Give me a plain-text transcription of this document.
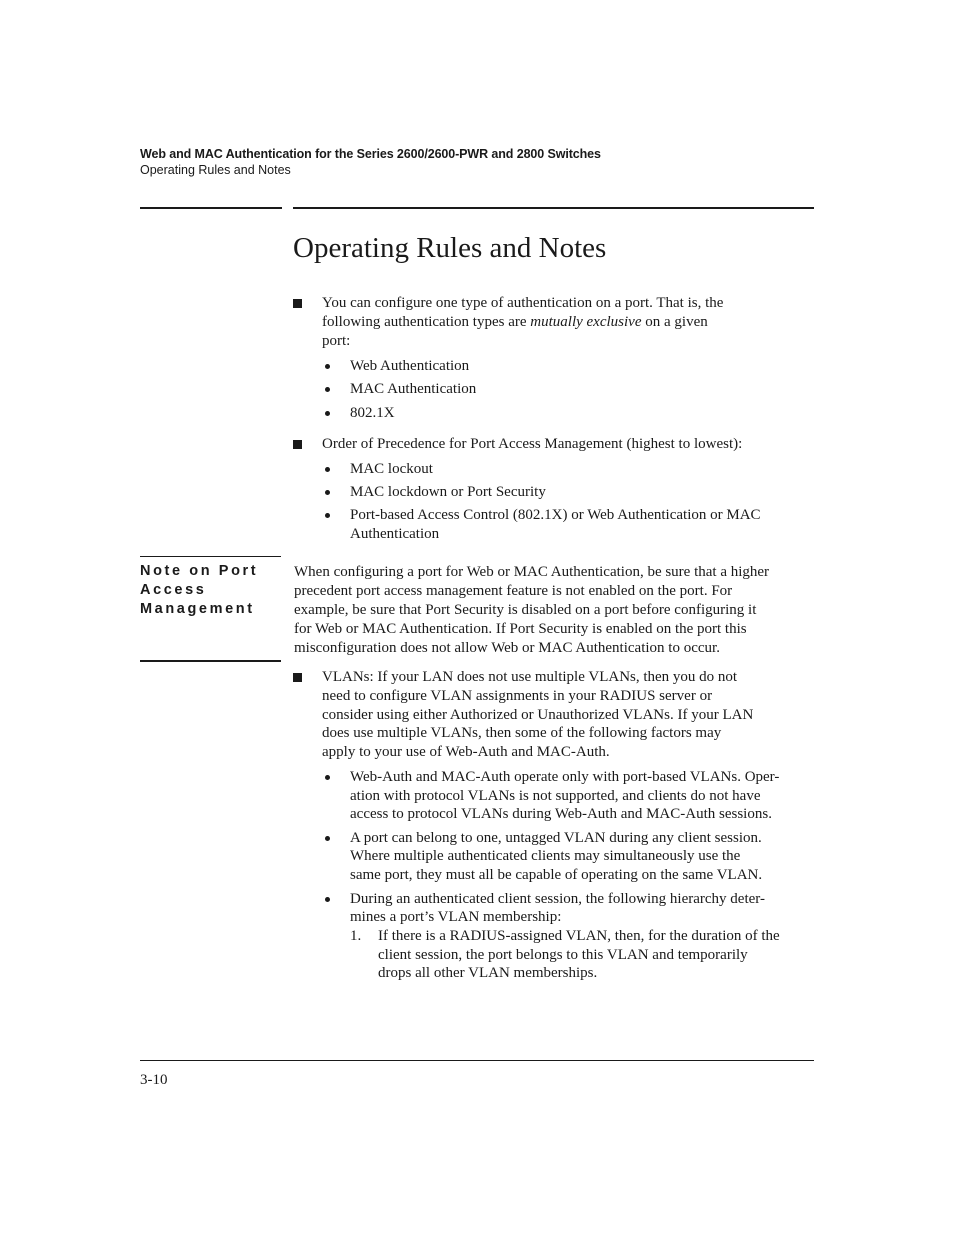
Web and MAC Authentication for the Series 2600/2600-PWR and 2800 Switches
Operating Rules and Notes
Operating Rules and Notes
You can configure one type of authentication on a port. That is, the
following authentication types are mutually exclusive on a given
port:
Web Authentication
MAC Authentication
802.1X
Order of Precedence for Port Access Management (highest to lowest):
MAC lockout
MAC lockdown or Port Security
Port-based Access Control (802.1X) or Web Authentication or MAC
Authentication
Note on Port
Access
Management
When configuring a port for Web or MAC Authentication, be sure that a higher
precedent port access management feature is not enabled on the port. For
example, be sure that Port Security is disabled on a port before configuring it
for Web or MAC Authentication. If Port Security is enabled on the port this
misconfiguration does not allow Web or MAC Authentication to occur.
VLANs: If your LAN does not use multiple VLANs, then you do not
need to configure VLAN assignments in your RADIUS server or
consider using either Authorized or Unauthorized VLANs. If your LAN
does use multiple VLANs, then some of the following factors may
apply to your use of Web-Auth and MAC-Auth.
Web-Auth and MAC-Auth operate only with port-based VLANs. Oper-
ation with protocol VLANs is not supported, and clients do not have
access to protocol VLANs during Web-Auth and MAC-Auth sessions.
A port can belong to one, untagged VLAN during any client session.
Where multiple authenticated clients may simultaneously use the
same port, they must all be capable of operating on the same VLAN.
During an authenticated client session, the following hierarchy deter-
mines a port’s VLAN membership:
1. If there is a RADIUS-assigned VLAN, then, for the duration of the
client session, the port belongs to this VLAN and temporarily
drops all other VLAN memberships.
3-10
